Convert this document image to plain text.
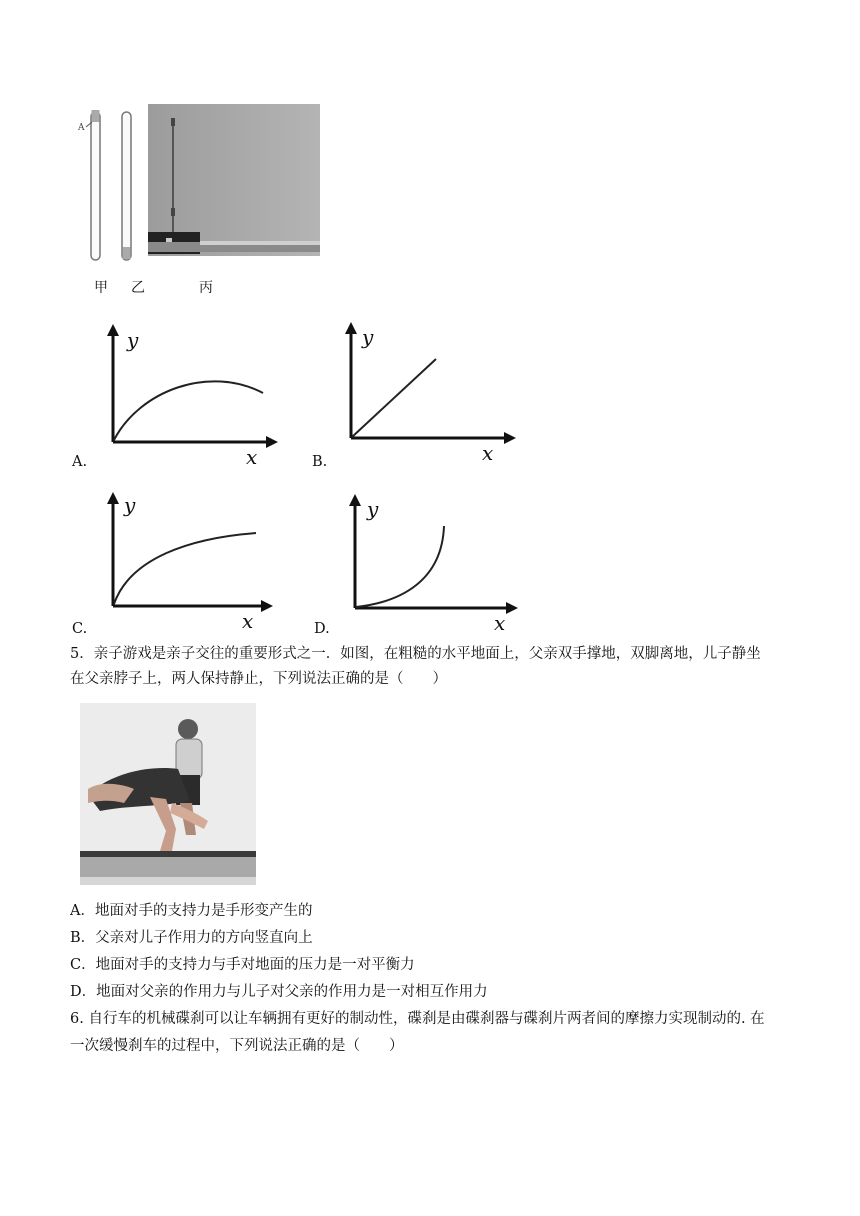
A
甲 乙	丙
y
x
A.
y
x
B.
y
x
C.
y
x
D.
5．亲子游戏是亲子交往的重要形式之一．如图，在粗糙的水平地面上，父亲双手撑地，双脚离地，儿子静坐
在父亲脖子上，两人保持静止，下列说法正确的是（　　）
A．地面对手的支持力是手形变产生的
B．父亲对儿子作用力的方向竖直向上
C．地面对手的支持力与手对地面的压力是一对平衡力
D．地面对父亲的作用力与儿子对父亲的作用力是一对相互作用力
6. 自行车的机械碟刹可以让车辆拥有更好的制动性，碟刹是由碟刹器与碟刹片两者间的摩擦力实现制动的. 在
一次缓慢刹车的过程中，下列说法正确的是（　　）
